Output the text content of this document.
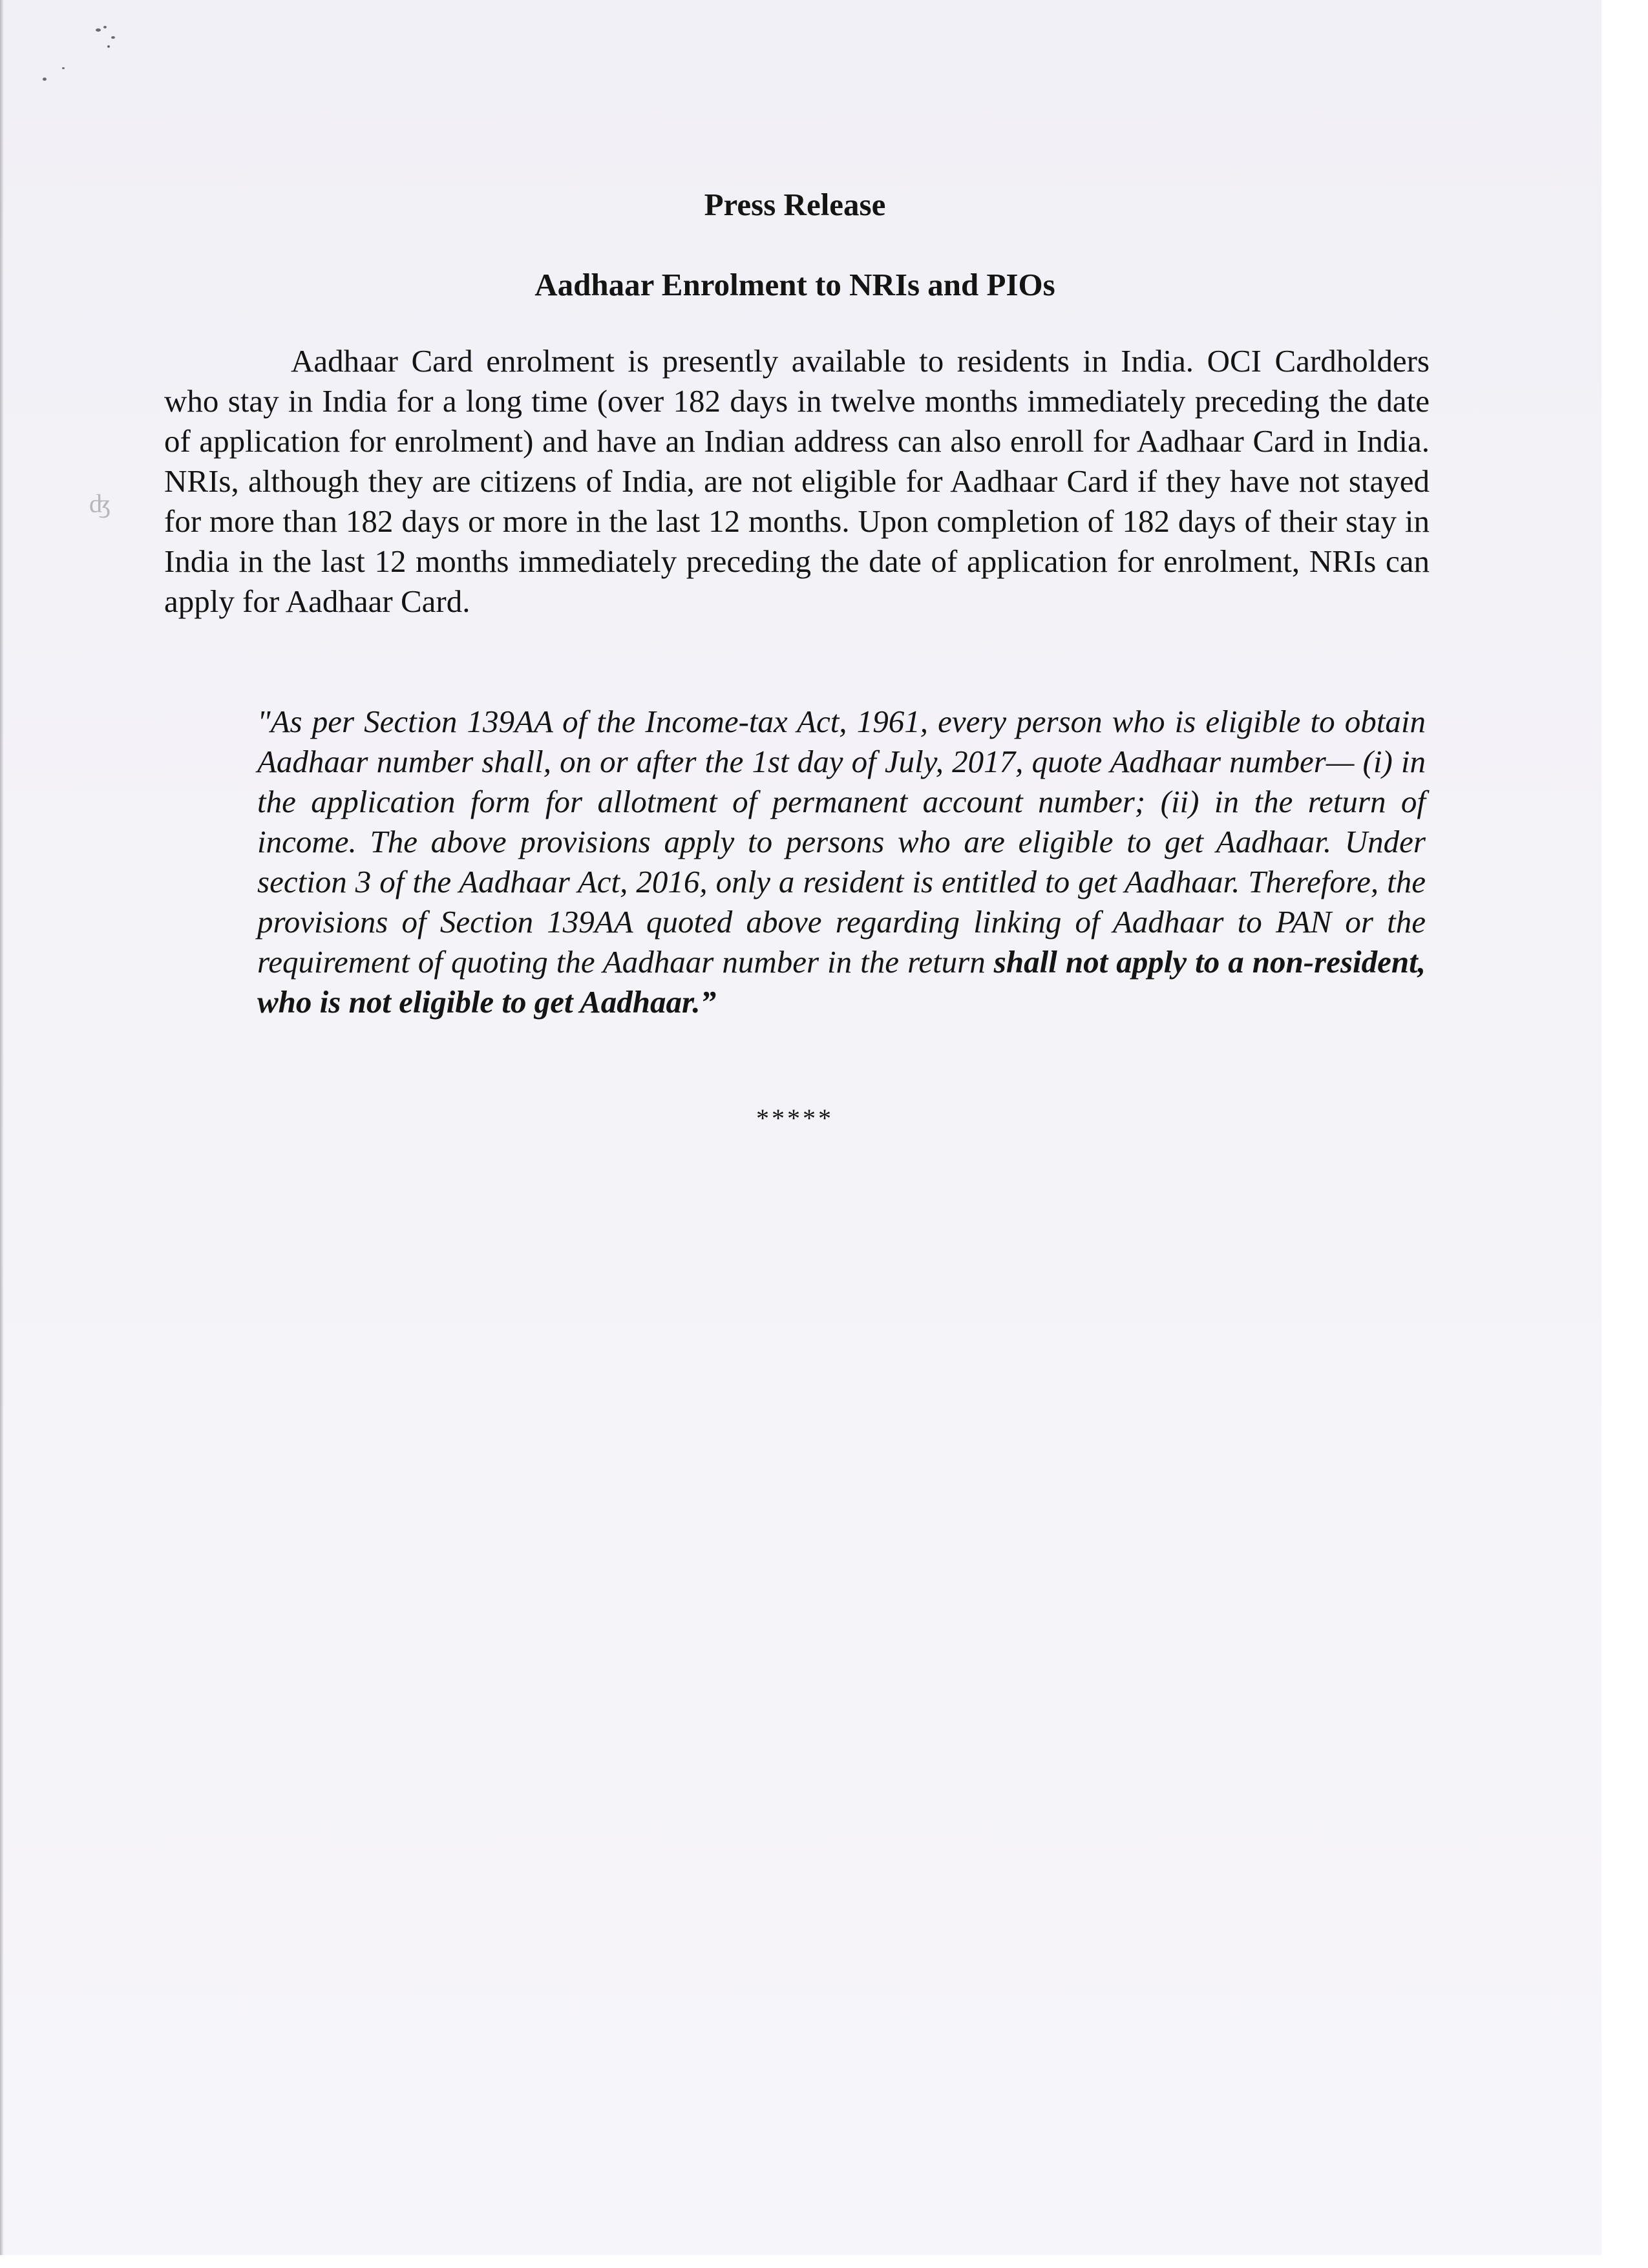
ʤ
Press Release
Aadhaar Enrolment to NRIs and PIOs

Aadhaar Card enrolment is presently available to residents in India. OCI Cardholders who stay in India for a long time (over 182 days in twelve months immediately preceding the date of application for enrolment) and have an Indian address can also enroll for Aadhaar Card in India. NRIs, although they are citizens of India, are not eligible for Aadhaar Card if they have not stayed for more than 182 days or more in the last 12 months. Upon completion of 182 days of their stay in India in the last 12 months immediately preceding the date of application for enrolment, NRIs can apply for Aadhaar Card.

"As per Section 139AA of the Income-tax Act, 1961, every person who is eligible to obtain Aadhaar number shall, on or after the 1st day of July, 2017, quote Aadhaar number— (i) in the application form for allotment of permanent account number; (ii) in the return of income. The above provisions apply to persons who are eligible to get Aadhaar. Under section 3 of the Aadhaar Act, 2016, only a resident is entitled to get Aadhaar. Therefore, the provisions of Section 139AA quoted above regarding linking of Aadhaar to PAN or the requirement of quoting the Aadhaar number in the return shall not apply to a non-resident, who is not eligible to get Aadhaar.”

*****
